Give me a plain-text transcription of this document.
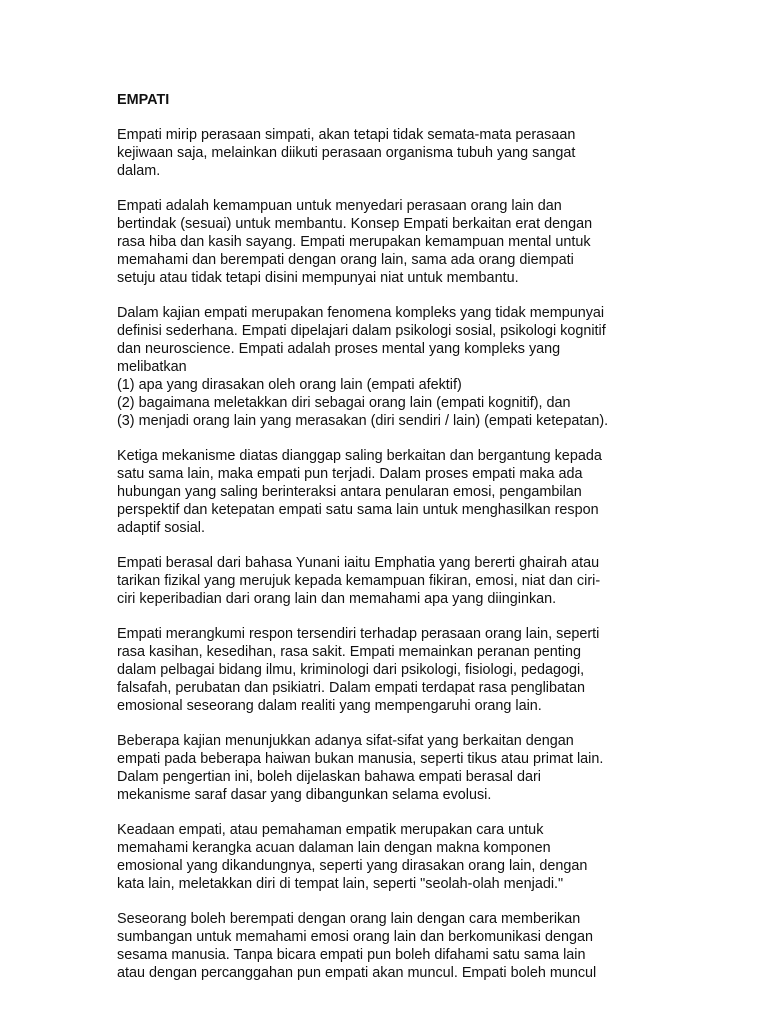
EMPATI
Empati mirip perasaan simpati, akan tetapi tidak semata-mata perasaan
kejiwaan saja, melainkan diikuti perasaan organisma tubuh yang sangat
dalam.
Empati adalah kemampuan untuk menyedari perasaan orang lain dan
bertindak (sesuai) untuk membantu. Konsep Empati berkaitan erat dengan
rasa hiba dan kasih sayang. Empati merupakan kemampuan mental untuk
memahami dan berempati dengan orang lain, sama ada orang diempati
setuju atau tidak tetapi disini mempunyai niat untuk membantu.
Dalam kajian empati merupakan fenomena kompleks yang tidak mempunyai
definisi sederhana. Empati dipelajari dalam psikologi sosial, psikologi kognitif
dan neuroscience. Empati adalah proses mental yang kompleks yang
melibatkan
(1) apa yang dirasakan oleh orang lain (empati afektif)
(2) bagaimana meletakkan diri sebagai orang lain (empati kognitif), dan
(3) menjadi orang lain yang merasakan (diri sendiri / lain) (empati ketepatan).
Ketiga mekanisme diatas dianggap saling berkaitan dan bergantung kepada
satu sama lain, maka empati pun terjadi. Dalam proses empati maka ada
hubungan yang saling berinteraksi antara penularan emosi, pengambilan
perspektif dan ketepatan empati satu sama lain untuk menghasilkan respon
adaptif sosial.
Empati berasal dari bahasa Yunani iaitu Emphatia yang bererti ghairah atau
tarikan fizikal yang merujuk kepada kemampuan fikiran, emosi, niat dan ciri-
ciri keperibadian dari orang lain dan memahami apa yang diinginkan.
Empati merangkumi respon tersendiri terhadap perasaan orang lain, seperti
rasa kasihan, kesedihan, rasa sakit. Empati memainkan peranan penting
dalam pelbagai bidang ilmu, kriminologi dari psikologi, fisiologi, pedagogi,
falsafah, perubatan dan psikiatri. Dalam empati terdapat rasa penglibatan
emosional seseorang dalam realiti yang mempengaruhi orang lain.
Beberapa kajian menunjukkan adanya sifat-sifat yang berkaitan dengan
empati pada beberapa haiwan bukan manusia, seperti tikus atau primat lain.
Dalam pengertian ini, boleh dijelaskan bahawa empati berasal dari
mekanisme saraf dasar yang dibangunkan selama evolusi.
Keadaan empati, atau pemahaman empatik merupakan cara untuk
memahami kerangka acuan dalaman lain dengan makna komponen
emosional yang dikandungnya, seperti yang dirasakan orang lain, dengan
kata lain, meletakkan diri di tempat lain, seperti "seolah-olah menjadi."
Seseorang boleh berempati dengan orang lain dengan cara memberikan
sumbangan untuk memahami emosi orang lain dan berkomunikasi dengan
sesama manusia. Tanpa bicara empati pun boleh difahami satu sama lain
atau dengan percanggahan pun empati akan muncul. Empati boleh muncul
